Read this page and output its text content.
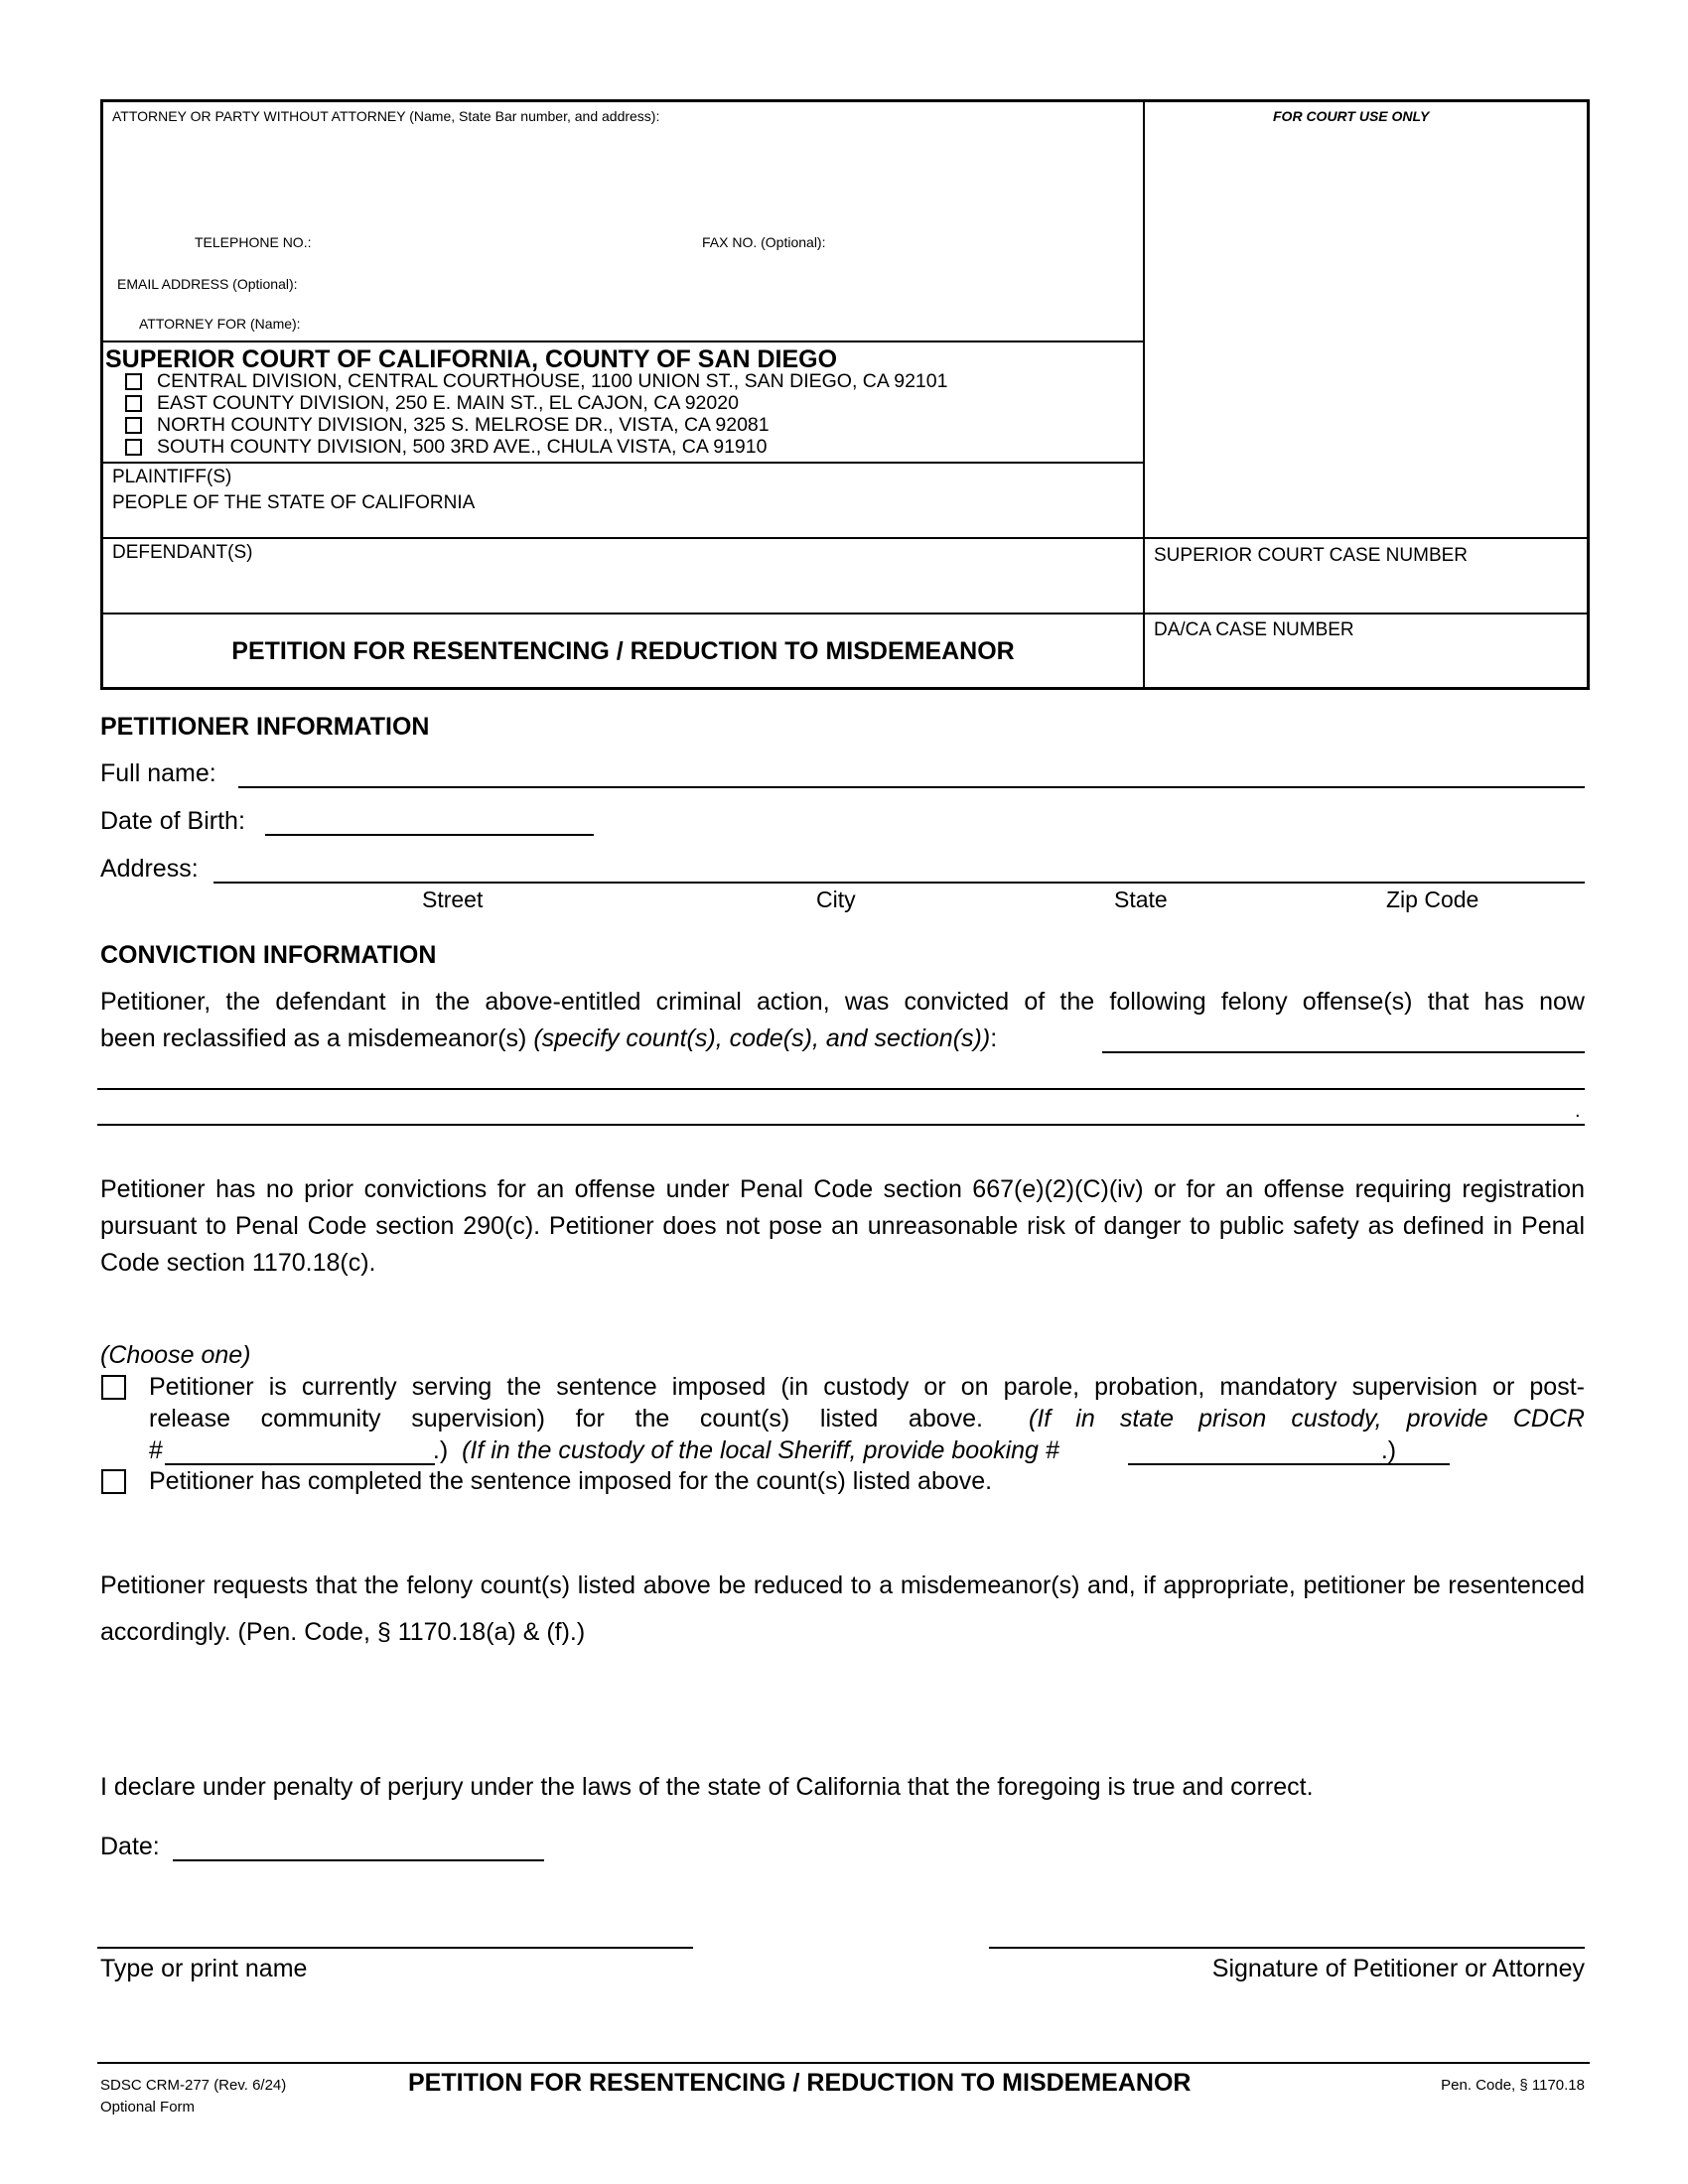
ATTORNEY OR PARTY WITHOUT ATTORNEY (Name, State Bar number, and address):	FOR COURT USE ONLY
TELEPHONE NO.:	FAX NO. (Optional):
EMAIL ADDRESS (Optional):
ATTORNEY FOR (Name):
SUPERIOR COURT OF CALIFORNIA, COUNTY OF SAN DIEGO
CENTRAL DIVISION, CENTRAL COURTHOUSE, 1100 UNION ST., SAN DIEGO, CA 92101
EAST COUNTY DIVISION, 250 E. MAIN ST., EL CAJON, CA 92020
NORTH COUNTY DIVISION, 325 S. MELROSE DR., VISTA, CA 92081
SOUTH COUNTY DIVISION, 500 3RD AVE., CHULA VISTA, CA 91910
PLAINTIFF(S)
PEOPLE OF THE STATE OF CALIFORNIA
DEFENDANT(S)	SUPERIOR COURT CASE NUMBER
PETITION FOR RESENTENCING / REDUCTION TO MISDEMEANOR
DA/CA CASE NUMBER
PETITIONER INFORMATION
Full name:
Date of Birth:
Address:
Street	City	State	Zip Code
CONVICTION INFORMATION
Petitioner, the defendant in the above-entitled criminal action, was convicted of the following felony offense(s) that has now
been reclassified as a misdemeanor(s) (specify count(s), code(s), and section(s)):
.
Petitioner has no prior convictions for an offense under Penal Code section 667(e)(2)(C)(iv) or for an offense requiring registration pursuant to Penal Code section 290(c). Petitioner does not pose an unreasonable risk of danger to public safety as defined in Penal Code section 1170.18(c).
(Choose one)
Petitioner is currently serving the sentence imposed (in custody or on parole, probation, mandatory supervision or post-
release community supervision) for the count(s) listed above. (If in state prison custody, provide CDCR
#	.)  (If in the custody of the local Sheriff, provide booking #	.)
Petitioner has completed the sentence imposed for the count(s) listed above.
Petitioner requests that the felony count(s) listed above be reduced to a misdemeanor(s) and, if appropriate, petitioner be resentenced accordingly. (Pen. Code, § 1170.18(a) & (f).)
I declare under penalty of perjury under the laws of the state of California that the foregoing is true and correct.
Date:
Type or print name	Signature of Petitioner or Attorney
SDSC CRM-277 (Rev. 6/24)
Optional Form
PETITION FOR RESENTENCING / REDUCTION TO MISDEMEANOR	Pen. Code, § 1170.18
